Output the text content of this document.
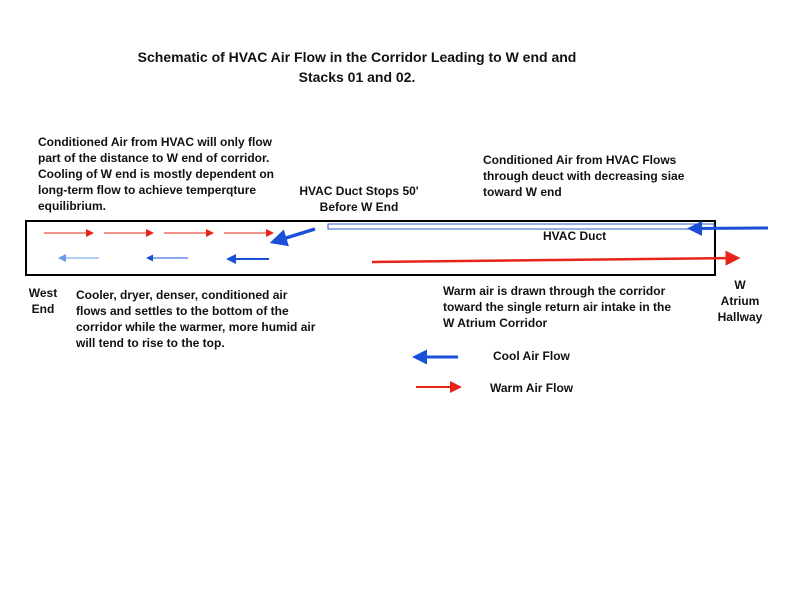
Schematic of HVAC Air Flow in the Corridor Leading to W end and Stacks 01 and 02.
Conditioned Air from HVAC will only flow
part of the distance to W end of corridor.
Cooling of W end is mostly dependent on
long-term flow to achieve temperqture
equilibrium.
HVAC Duct Stops 50'
Before W End
Conditioned Air from HVAC Flows
through deuct with decreasing siae
toward W end
HVAC Duct
West
End
W
Atrium
Hallway
Cooler, dryer, denser, conditioned air
flows and settles to the bottom of the
corridor while the warmer, more humid air
will tend to rise to the top.
Warm air is drawn through the corridor
toward the single return air intake in the
W Atrium Corridor
Cool Air Flow
Warm Air Flow
